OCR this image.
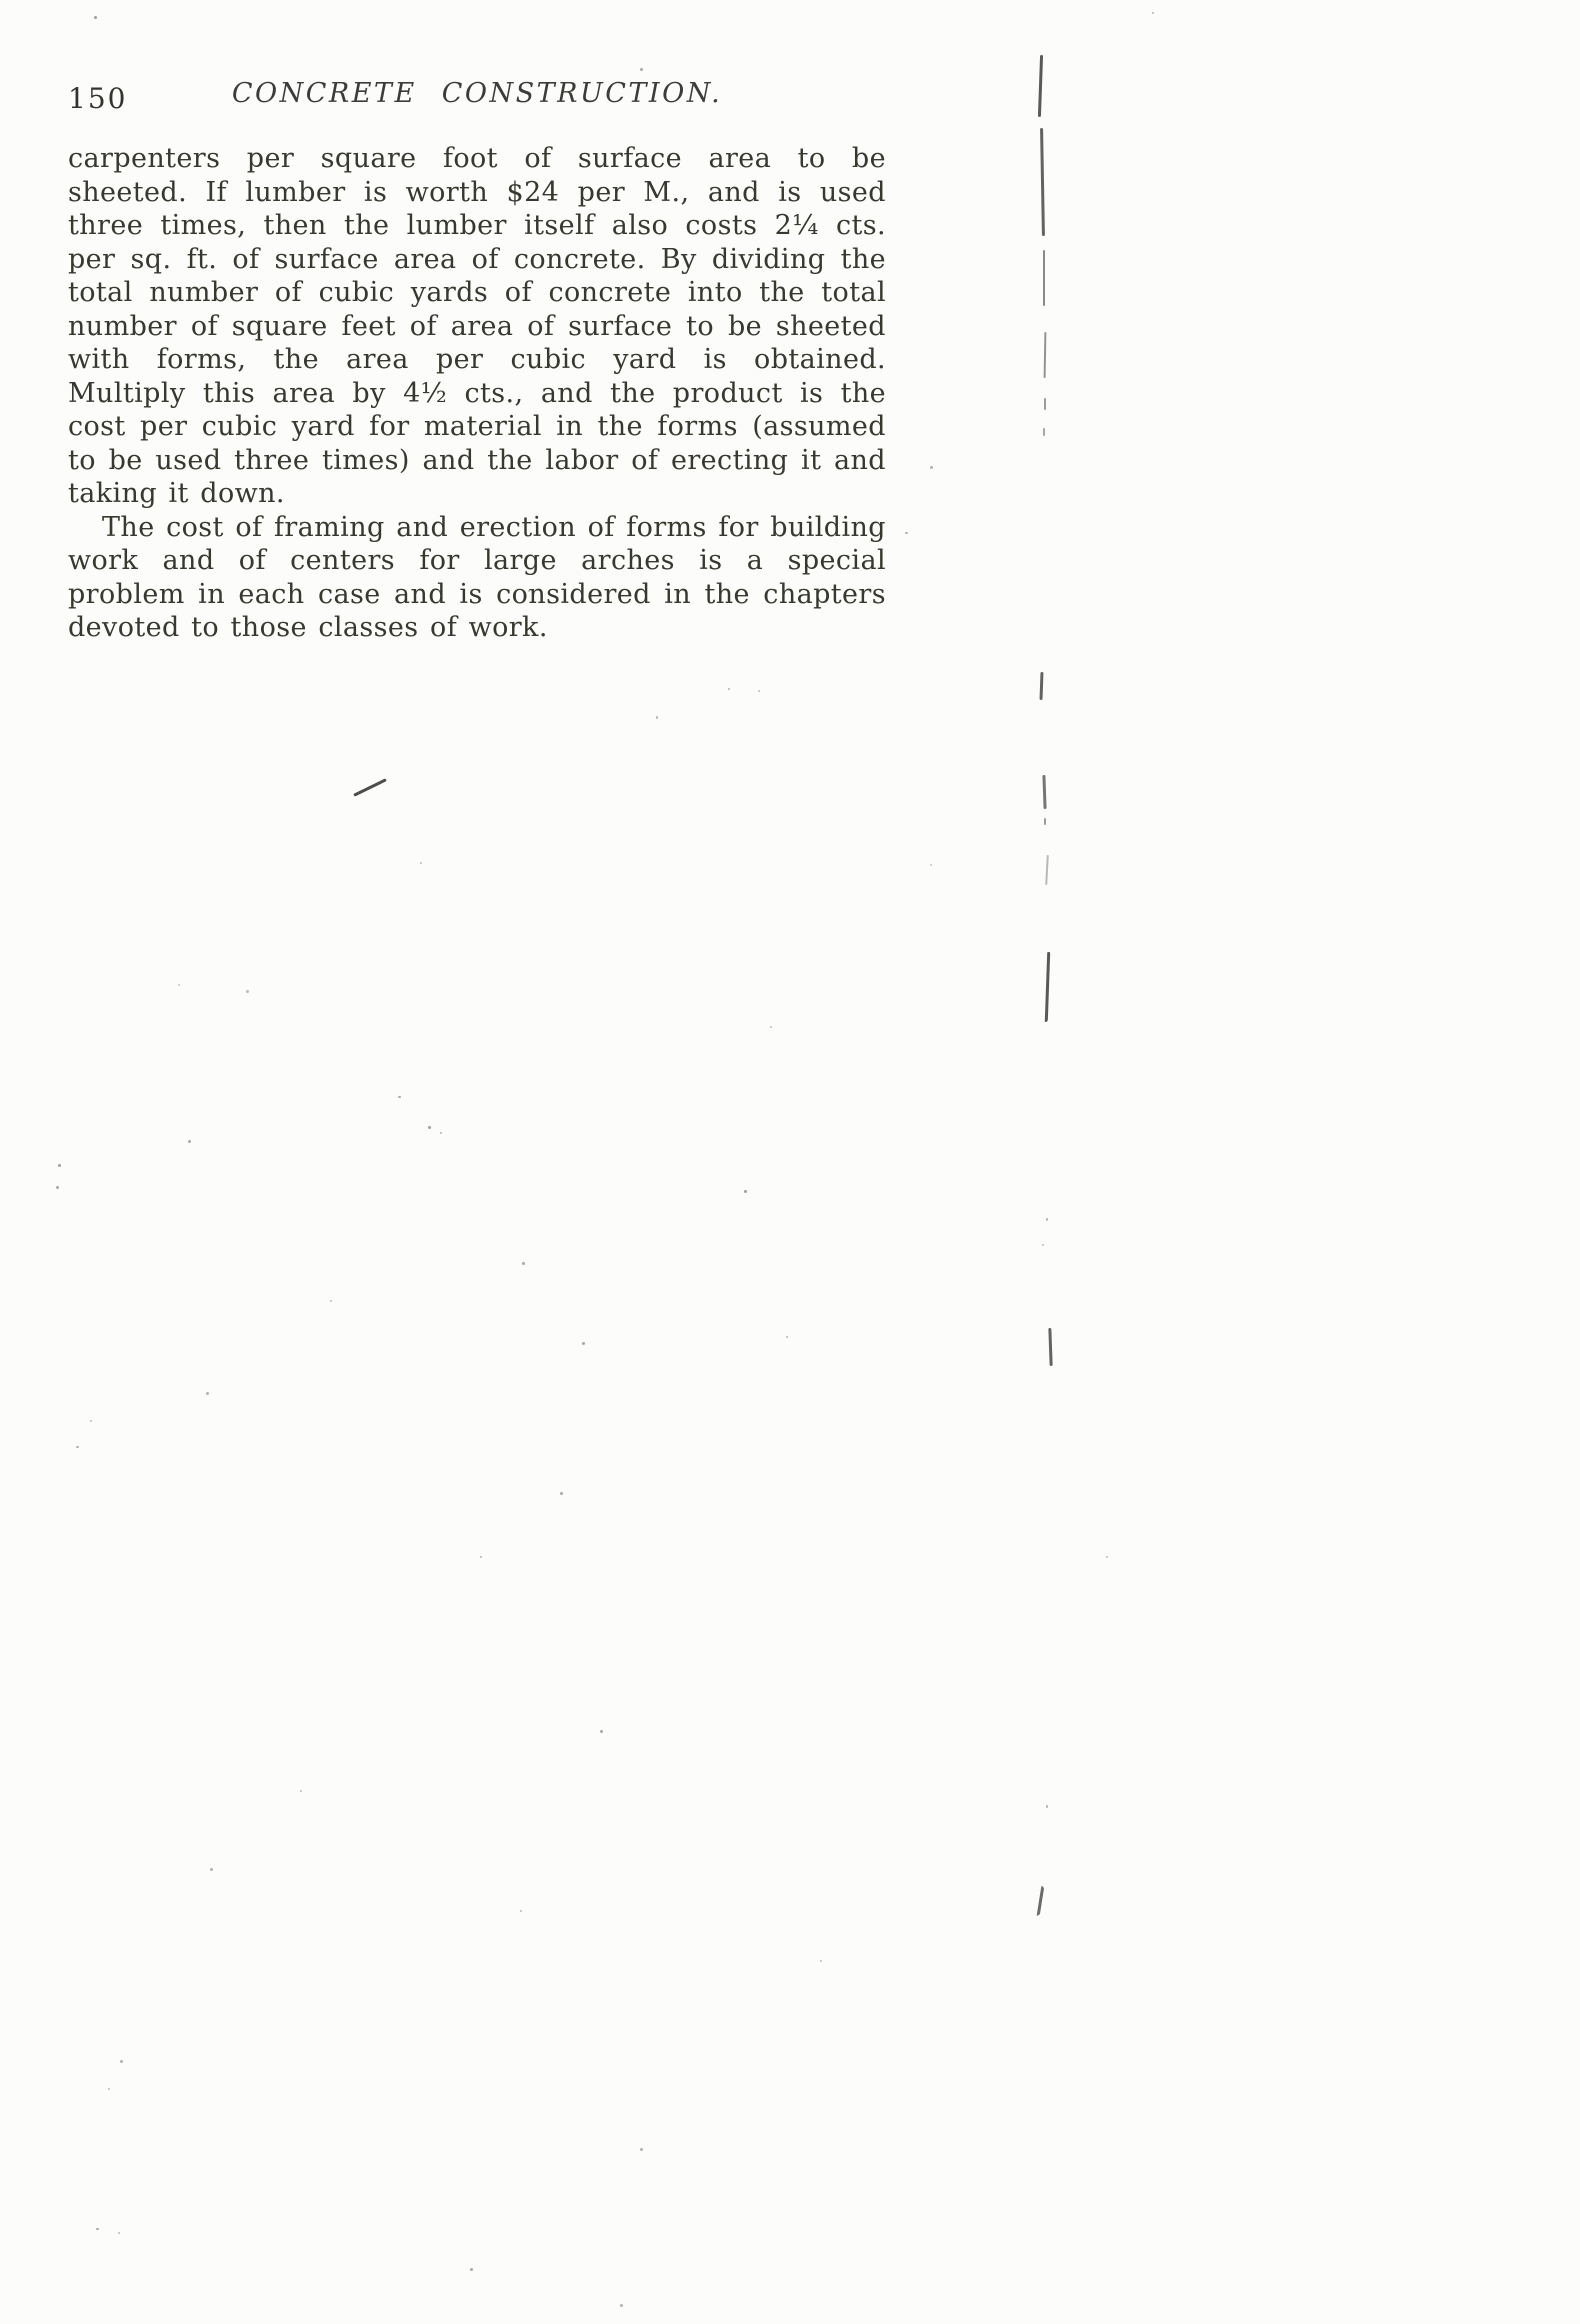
150	CONCRETE CONSTRUCTION.

carpenters per square foot of surface area to be sheeted. If lumber is worth $24 per M., and is used three times, then the lumber itself also costs 2¼ cts. per sq. ft. of surface area of concrete. By dividing the total number of cubic yards of concrete into the total number of square feet of area of surface to be sheeted with forms, the area per cubic yard is obtained. Multiply this area by 4½ cts., and the product is the cost per cubic yard for material in the forms (assumed to be used three times) and the labor of erecting it and taking it down.

The cost of framing and erection of forms for building work and of centers for large arches is a special problem in each case and is considered in the chapters devoted to those classes of work.
